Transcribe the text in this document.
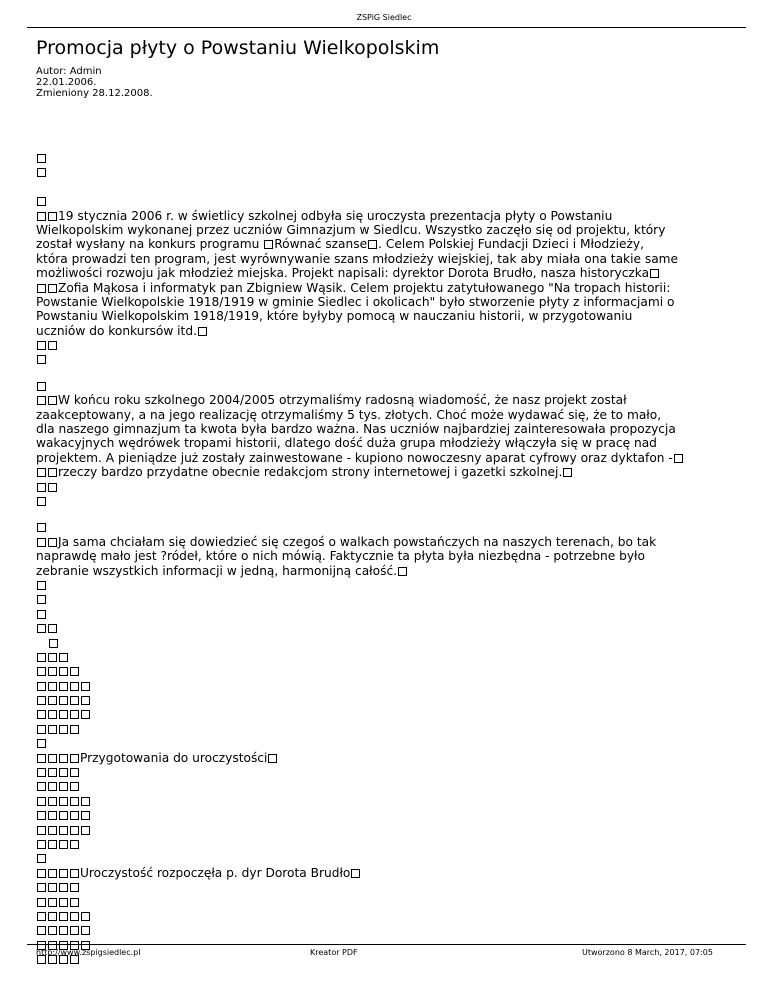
ZSPiG Siedlec
Promocja płyty o Powstaniu Wielkopolskim
Autor: Admin
22.01.2006.
Zmieniony 28.12.2008.
19 stycznia 2006 r. w świetlicy szkolnej odbyła się uroczysta prezentacja płyty o Powstaniu
Wielkopolskim wykonanej przez uczniów Gimnazjum w Siedlcu. Wszystko zaczęło się od projektu, który
został wysłany na konkurs programu Równać szanse . Celem Polskiej Fundacji Dzieci i Młodzieży,
która prowadzi ten program, jest wyrównywanie szans młodzieży wiejskiej, tak aby miała ona takie same
możliwości rozwoju jak młodzież miejska. Projekt napisali: dyrektor Dorota Brudło, nasza historyczka
Zofia Mąkosa i informatyk pan Zbigniew Wąsik. Celem projektu zatytułowanego "Na tropach historii:
Powstanie Wielkopolskie 1918/1919 w gminie Siedlec i okolicach" było stworzenie płyty z informacjami o
Powstaniu Wielkopolskim 1918/1919, które byłyby pomocą w nauczaniu historii, w przygotowaniu
uczniów do konkursów itd.
W końcu roku szkolnego 2004/2005 otrzymaliśmy radosną wiadomość, że nasz projekt został
zaakceptowany, a na jego realizację otrzymaliśmy 5 tys. złotych. Choć może wydawać się, że to mało,
dla naszego gimnazjum ta kwota była bardzo ważna. Nas uczniów najbardziej zainteresowała propozycja
wakacyjnych wędrówek tropami historii, dlatego dość duża grupa młodzieży włączyła się w pracę nad
projektem. A pieniądze już zostały zainwestowane - kupiono nowoczesny aparat cyfrowy oraz dyktafon -
rzeczy bardzo przydatne obecnie redakcjom strony internetowej i gazetki szkolnej.
Ja sama chciałam się dowiedzieć się czegoś o walkach powstańczych na naszych terenach, bo tak
naprawdę mało jest ?ródeł, które o nich mówią. Faktycznie ta płyta była niezbędna - potrzebne było
zebranie wszystkich informacji w jedną, harmonijną całość.
Przygotowania do uroczystości
Uroczystość rozpoczęła p. dyr Dorota Brudło
http://www.zspigsiedlec.pl	Kreator PDF	Utworzono 8 March, 2017, 07:05
